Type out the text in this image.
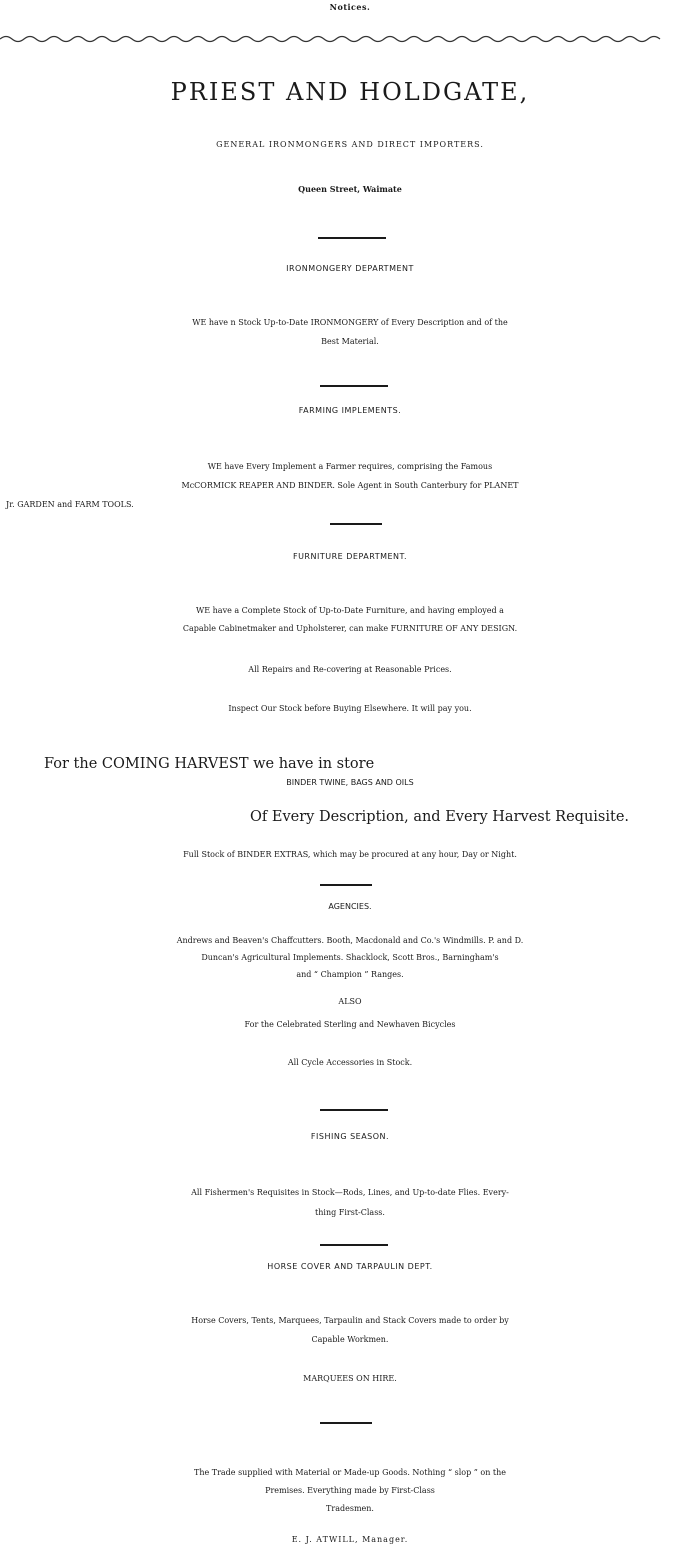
Notices.
PRIEST AND HOLDGATE,
GENERAL IRONMONGERS AND DIRECT IMPORTERS.
Queen Street, Waimate
IRONMONGERY DEPARTMENT
WE have n Stock Up-to-Date IRONMONGERY of Every Description and of the
Best Material.
FARMING IMPLEMENTS.
WE have Every Implement a Farmer requires, comprising the Famous
McCORMICK REAPER AND BINDER. Sole Agent in South Canterbury for PLANET
Jr. GARDEN and FARM TOOLS.
FURNITURE DEPARTMENT.
WE have a Complete Stock of Up-to-Date Furniture, and having employed a
Capable Cabinetmaker and Upholsterer, can make FURNITURE OF ANY DESIGN.
All Repairs and Re-covering at Reasonable Prices.
Inspect Our Stock before Buying Elsewhere. It will pay you.
For the COMING HARVEST we have in store
BINDER TWINE, BAGS AND OILS
Of Every Description, and Every Harvest Requisite.
Full Stock of BINDER EXTRAS, which may be procured at any hour, Day or Night.
AGENCIES.
Andrews and Beaven's Chaffcutters. Booth, Macdonald and Co.'s Windmills. P. and D.
Duncan's Agricultural Implements. Shacklock, Scott Bros., Barningham's
and “ Champion ” Ranges.
ALSO
For the Celebrated Sterling and Newhaven Bicycles
All Cycle Accessories in Stock.
FISHING SEASON.
All Fishermen's Requisites in Stock—Rods, Lines, and Up-to-date Flies. Every-
thing First-Class.
HORSE COVER AND TARPAULIN DEPT.
Horse Covers, Tents, Marquees, Tarpaulin and Stack Covers made to order by
Capable Workmen.
MARQUEES ON HIRE.
The Trade supplied with Material or Made-up Goods. Nothing “ slop ” on the
Premises. Everything made by First-Class
Tradesmen.
E. J. ATWILL, Manager.
